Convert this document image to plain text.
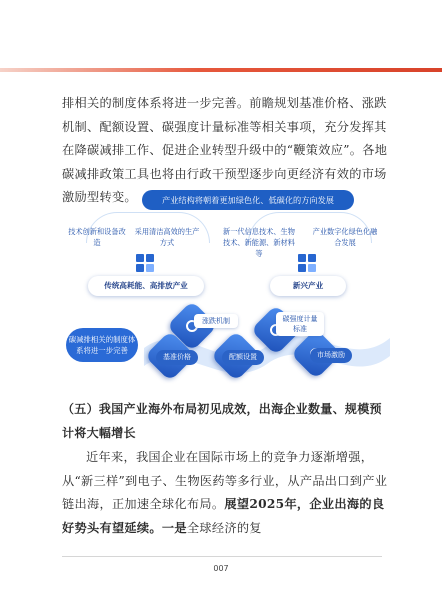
排相关的制度体系将进一步完善。前瞻规划基准价格、涨跌机制、配额设置、碳强度计量标准等相关事项，充分发挥其在降碳减排工作、促进企业转型升级中的“鞭策效应”。各地碳减排政策工具也将由行政干预型逐步向更经济有效的市场激励型转变。	产业结构将朝着更加绿色化、低碳化的方向发展
技术创新和设备改造
采用清洁高效的生产方式
新一代信息技术、生物技术、新能源、新材料等
产业数字化绿色化融合发展
传统高耗能、高排放产业	新兴产业
碳减排相关的制度体系将进一步完善
涨跌机制	碳强度计量标准
基准价格	配额设置	市场激励

（五）我国产业海外布局初见成效，出海企业数量、规模预计将大幅增长

近年来，我国企业在国际市场上的竞争力逐渐增强，从“新三样”到电子、生物医药等多行业，从产品出口到产业链出海，正加速全球化布局。展望2025年，企业出海的良好势头有望延续。一是全球经济的复

007
